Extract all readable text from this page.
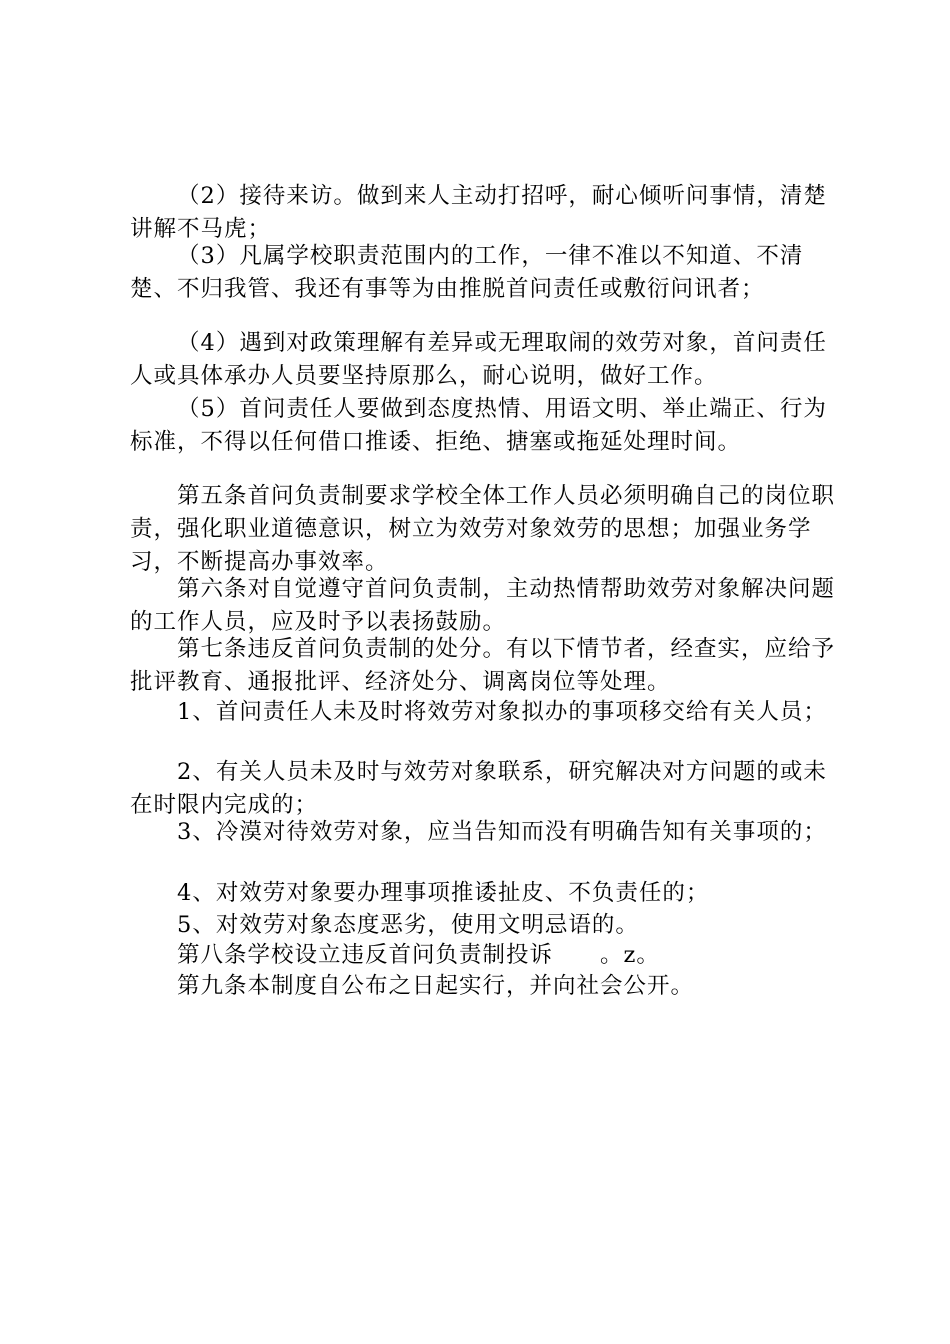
（2）接待来访。做到来人主动打招呼，耐心倾听问事情，清楚讲解不马虎；

（3）凡属学校职责范围内的工作，一律不准以不知道、不清楚、不归我管、我还有事等为由推脱首问责任或敷衍问讯者；

（4）遇到对政策理解有差异或无理取闹的效劳对象，首问责任人或具体承办人员要坚持原那么，耐心说明，做好工作。

（5）首问责任人要做到态度热情、用语文明、举止端正、行为标准，不得以任何借口推诿、拒绝、搪塞或拖延处理时间。

第五条首问负责制要求学校全体工作人员必须明确自己的岗位职责，强化职业道德意识，树立为效劳对象效劳的思想；加强业务学习，不断提高办事效率。

第六条对自觉遵守首问负责制，主动热情帮助效劳对象解决问题的工作人员，应及时予以表扬鼓励。

第七条违反首问负责制的处分。有以下情节者，经查实，应给予批评教育、通报批评、经济处分、调离岗位等处理。

1、首问责任人未及时将效劳对象拟办的事项移交给有关人员；

2、有关人员未及时与效劳对象联系，研究解决对方问题的或未在时限内完成的；

3、冷漠对待效劳对象，应当告知而没有明确告知有关事项的；

4、对效劳对象要办理事项推诿扯皮、不负责任的；

5、对效劳对象态度恶劣，使用文明忌语的。

第八条学校设立违反首问负责制投诉　　。z。

第九条本制度自公布之日起实行，并向社会公开。
